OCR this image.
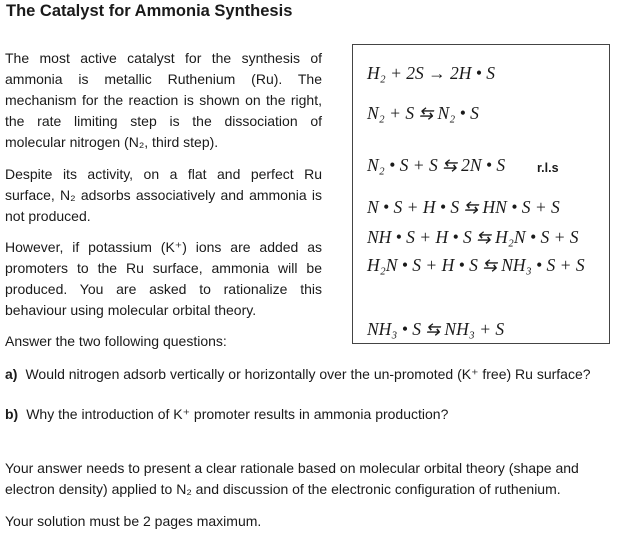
The Catalyst for Ammonia Synthesis
The most active catalyst for the synthesis of ammonia is metallic Ruthenium (Ru). The mechanism for the reaction is shown on the right, the rate limiting step is the dissociation of molecular nitrogen (N₂, third step).
Despite its activity, on a flat and perfect Ru surface, N₂ adsorbs associatively and ammonia is not produced.
However, if potassium (K⁺) ions are added as promoters to the Ru surface, ammonia will be produced. You are asked to rationalize this behaviour using molecular orbital theory.
H₂ + 2S → 2H • S
N₂ + S ⇆ N₂ • S
N₂ • S + S ⇆ 2N • S	r.l.s
N • S + H • S ⇆ HN • S + S
NH • S + H • S ⇆ H₂N • S + S
H₂N • S + H • S ⇆ NH₃ • S + S
NH₃ • S ⇆ NH₃ + S
Answer the two following questions:
a) Would nitrogen adsorb vertically or horizontally over the un-promoted (K⁺ free) Ru surface?
b) Why the introduction of K⁺ promoter results in ammonia production?
Your answer needs to present a clear rationale based on molecular orbital theory (shape and
electron density) applied to N₂ and discussion of the electronic configuration of ruthenium.
Your solution must be 2 pages maximum.
